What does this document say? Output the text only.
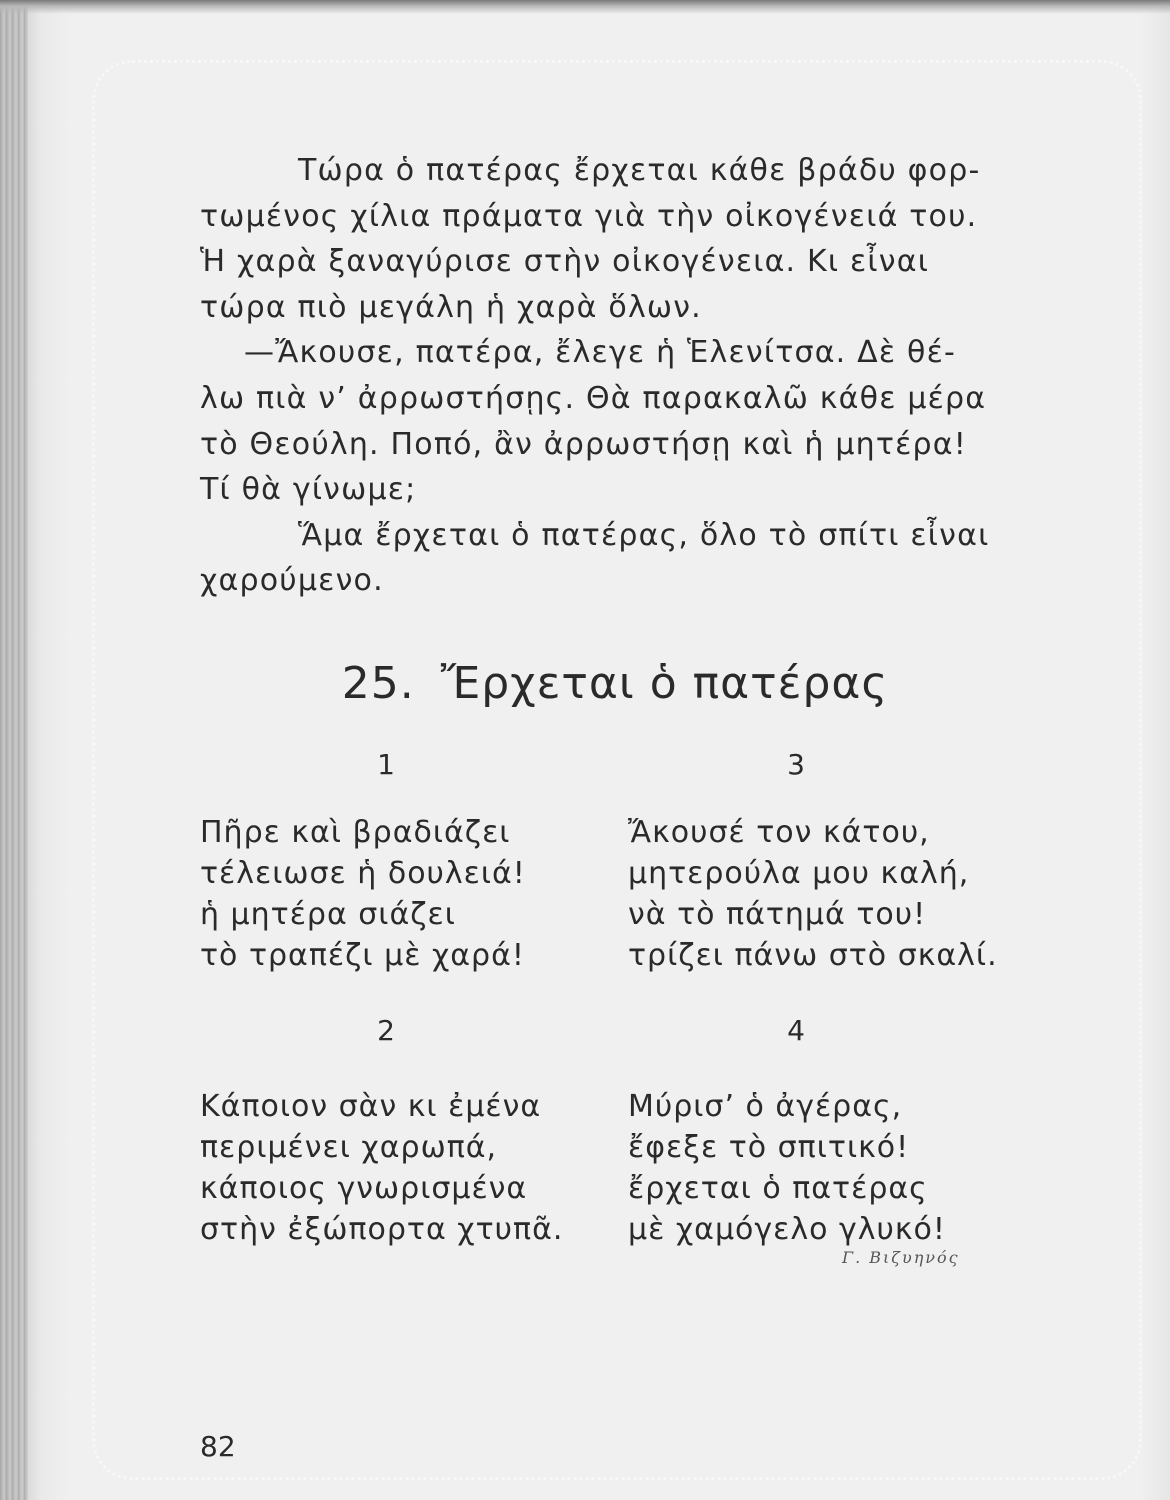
Τώρα ὁ πατέρας ἔρχεται κάθε βράδυ φορ-
τωμένος χίλια πράματα γιὰ τὴν οἰκογένειά του.
Ἡ χαρὰ ξαναγύρισε στὴν οἰκογένεια. Κι εἶναι
τώρα πιὸ μεγάλη ἡ χαρὰ ὅλων.
—Ἄκουσε, πατέρα, ἔλεγε ἡ Ἑλενίτσα. Δὲ θέ-
λω πιὰ ν’ ἀρρωστήσῃς. Θὰ παρακαλῶ κάθε μέρα
τὸ Θεούλη. Ποπό, ἂν ἀρρωστήσῃ καὶ ἡ μητέρα!
Τί θὰ γίνωμε;
Ἅμα ἔρχεται ὁ πατέρας, ὅλο τὸ σπίτι εἶναι
χαρούμενο.
25. Ἔρχεται ὁ πατέρας
1
Πῆρε καὶ βραδιάζει
τέλειωσε ἡ δουλειά!
ἡ μητέρα σιάζει
τὸ τραπέζι μὲ χαρά!
2
Κάποιον σὰν κι ἐμένα
περιμένει χαρωπά,
κάποιος γνωρισμένα
στὴν ἐξώπορτα χτυπᾶ.
3
Ἄκουσέ τον κάτου,
μητερούλα μου καλή,
νὰ τὸ πάτημά του!
τρίζει πάνω στὸ σκαλί.
4
Μύρισ’ ὁ ἀγέρας,
ἔφεξε τὸ σπιτικό!
ἔρχεται ὁ πατέρας
μὲ χαμόγελο γλυκό!
Γ. Βιζυηνός
82
